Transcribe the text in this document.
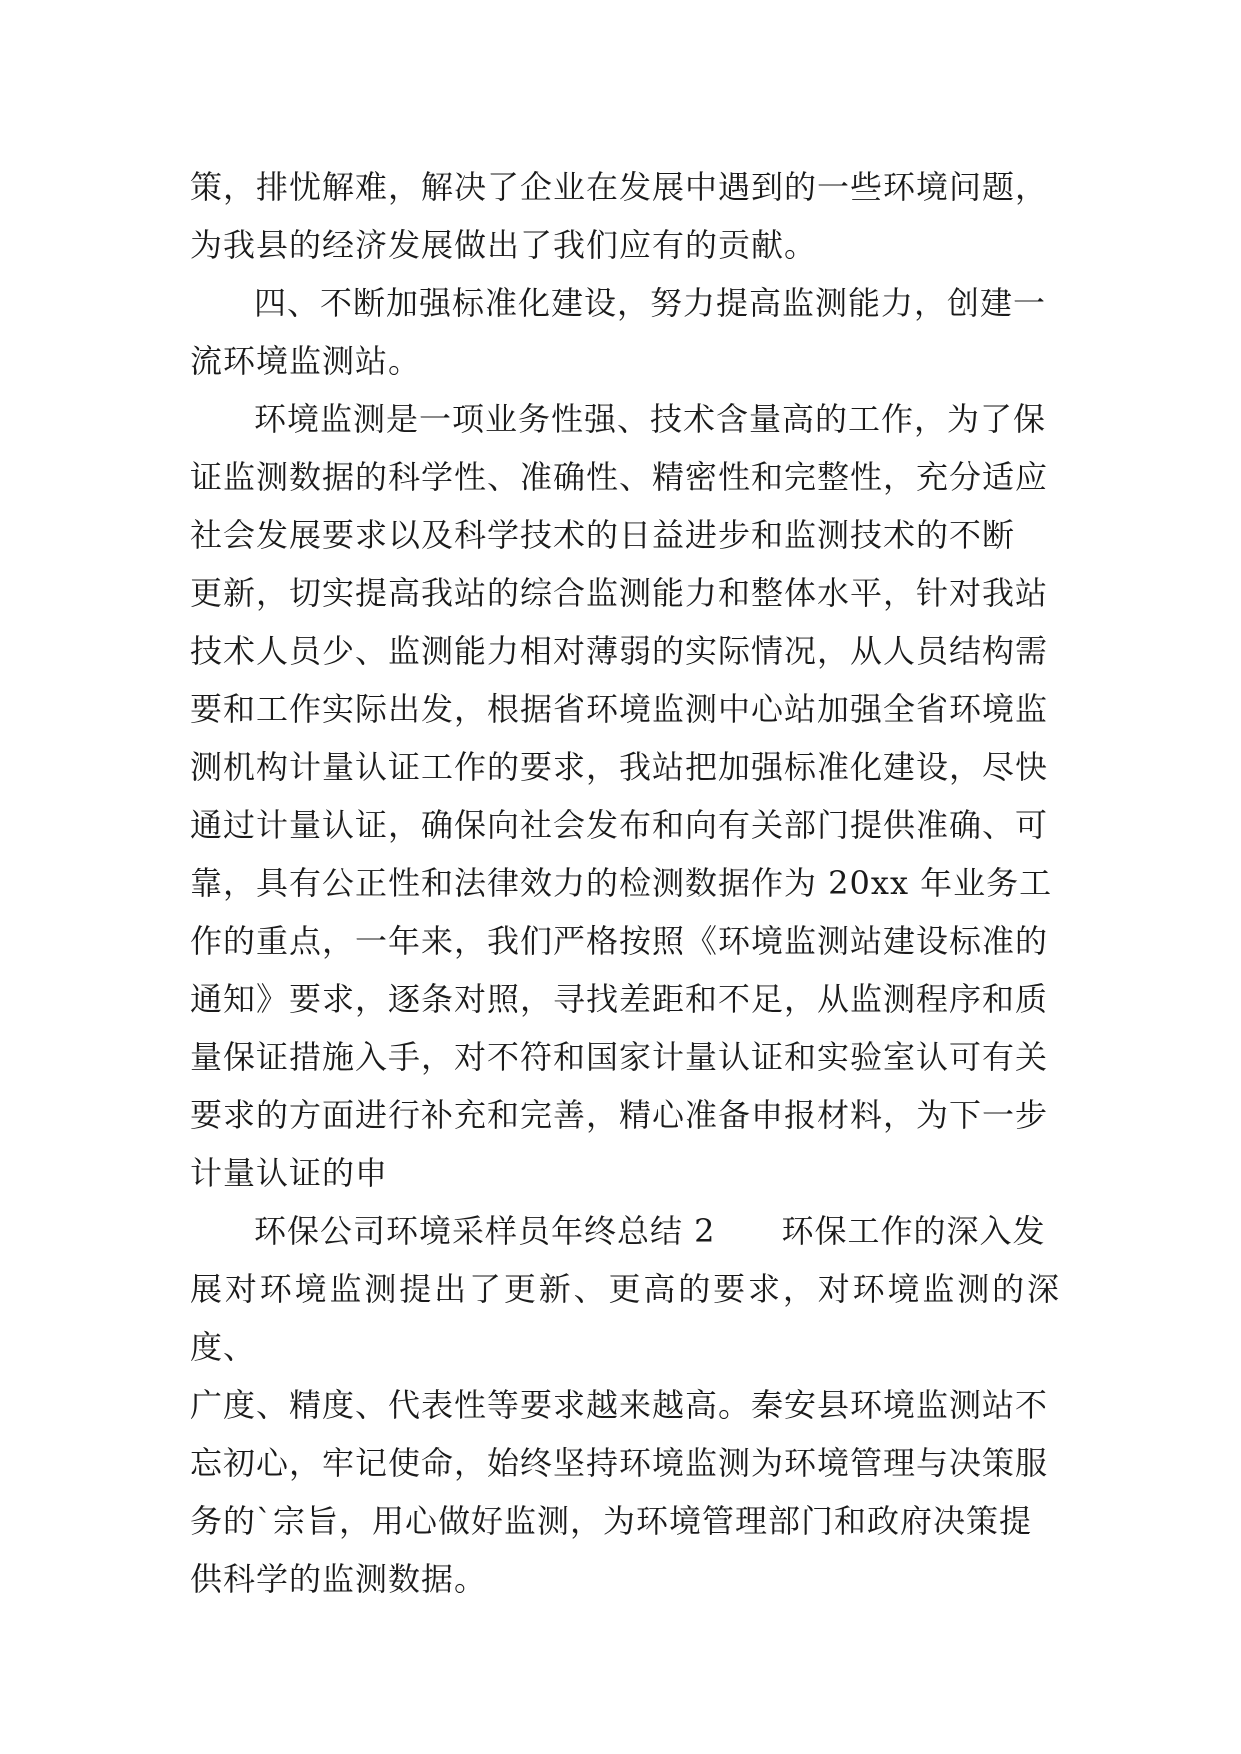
策，排忧解难，解决了企业在发展中遇到的一些环境问题，
为我县的经济发展做出了我们应有的贡献。
四、不断加强标准化建设，努力提高监测能力，创建一
流环境监测站。
环境监测是一项业务性强、技术含量高的工作，为了保
证监测数据的科学性、准确性、精密性和完整性，充分适应
社会发展要求以及科学技术的日益进步和监测技术的不断
更新，切实提高我站的综合监测能力和整体水平，针对我站
技术人员少、监测能力相对薄弱的实际情况，从人员结构需
要和工作实际出发，根据省环境监测中心站加强全省环境监
测机构计量认证工作的要求，我站把加强标准化建设，尽快
通过计量认证，确保向社会发布和向有关部门提供准确、可
靠，具有公正性和法律效力的检测数据作为 20xx 年业务工
作的重点，一年来，我们严格按照《环境监测站建设标准的
通知》要求，逐条对照，寻找差距和不足，从监测程序和质
量保证措施入手，对不符和国家计量认证和实验室认可有关
要求的方面进行补充和完善，精心准备申报材料，为下一步
计量认证的申
环保公司环境采样员年终总结 2　　环保工作的深入发
展对环境监测提出了更新、更高的要求，对环境监测的深度、
广度、精度、代表性等要求越来越高。秦安县环境监测站不
忘初心，牢记使命，始终坚持环境监测为环境管理与决策服
务的`宗旨，用心做好监测，为环境管理部门和政府决策提
供科学的监测数据。
